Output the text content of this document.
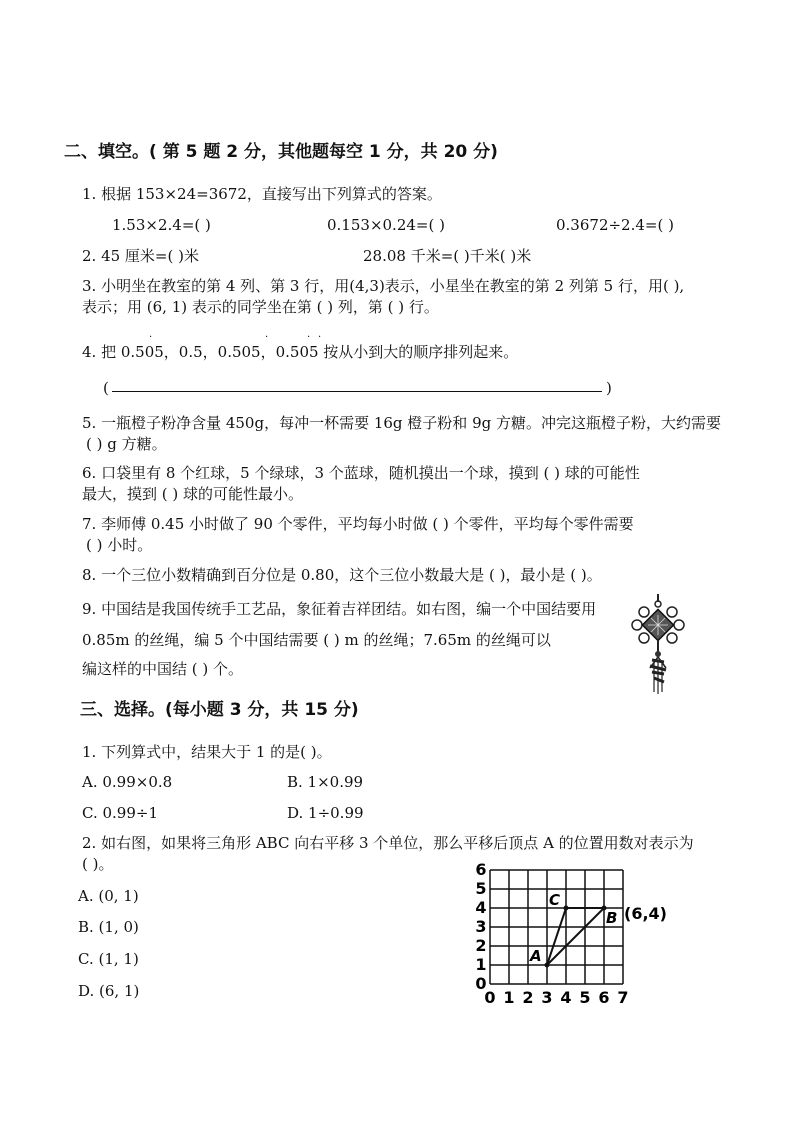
二、填空。( 第 5 题 2 分，其他题每空 1 分，共 20 分)
1. 根据 153×24=3672，直接写出下列算式的答案。
1.53×2.4=( )	0.153×0.24=( )	0.3672÷2.4=( )
2. 45 厘米=( )米	28.08 千米=( )千米( )米
3. 小明坐在教室的第 4 列、第 3 行，用(4,3)表示，小星坐在教室的第 2 列第 5 行，用( ),
表示；用 (6, 1) 表示的同学坐在第 ( ) 列，第 ( ) 行。
4. 把 0.505，0.5，0.505，0.505 按从小到大的顺序排列起来。
·	·	· ·
(	)
5. 一瓶橙子粉净含量 450g，每冲一杯需要 16g 橙子粉和 9g 方糖。冲完这瓶橙子粉，大约需要
( ) g 方糖。
6. 口袋里有 8 个红球，5 个绿球，3 个蓝球，随机摸出一个球，摸到 ( ) 球的可能性
最大，摸到 ( ) 球的可能性最小。
7. 李师傅 0.45 小时做了 90 个零件，平均每小时做 ( ) 个零件，平均每个零件需要
( ) 小时。
8. 一个三位小数精确到百分位是 0.80，这个三位小数最大是 ( )，最小是 ( )。
9. 中国结是我国传统手工艺品，象征着吉祥团结。如右图，编一个中国结要用
0.85m 的丝绳，编 5 个中国结需要 ( ) m 的丝绳；7.65m 的丝绳可以
编这样的中国结 ( ) 个。
三、选择。(每小题 3 分，共 15 分)
1. 下列算式中，结果大于 1 的是( )。
A. 0.99×0.8	B. 1×0.99
C. 0.99÷1	D. 1÷0.99
2. 如右图，如果将三角形 ABC 向右平移 3 个单位，那么平移后顶点 A 的位置用数对表示为
( )。
A. (0, 1)
B. (1, 0)
C. (1, 1)
D. (6, 1)
A
B
C
(6,4)
0
1
2
3
4
5
6
0 1 2 3 4 5 6 7
